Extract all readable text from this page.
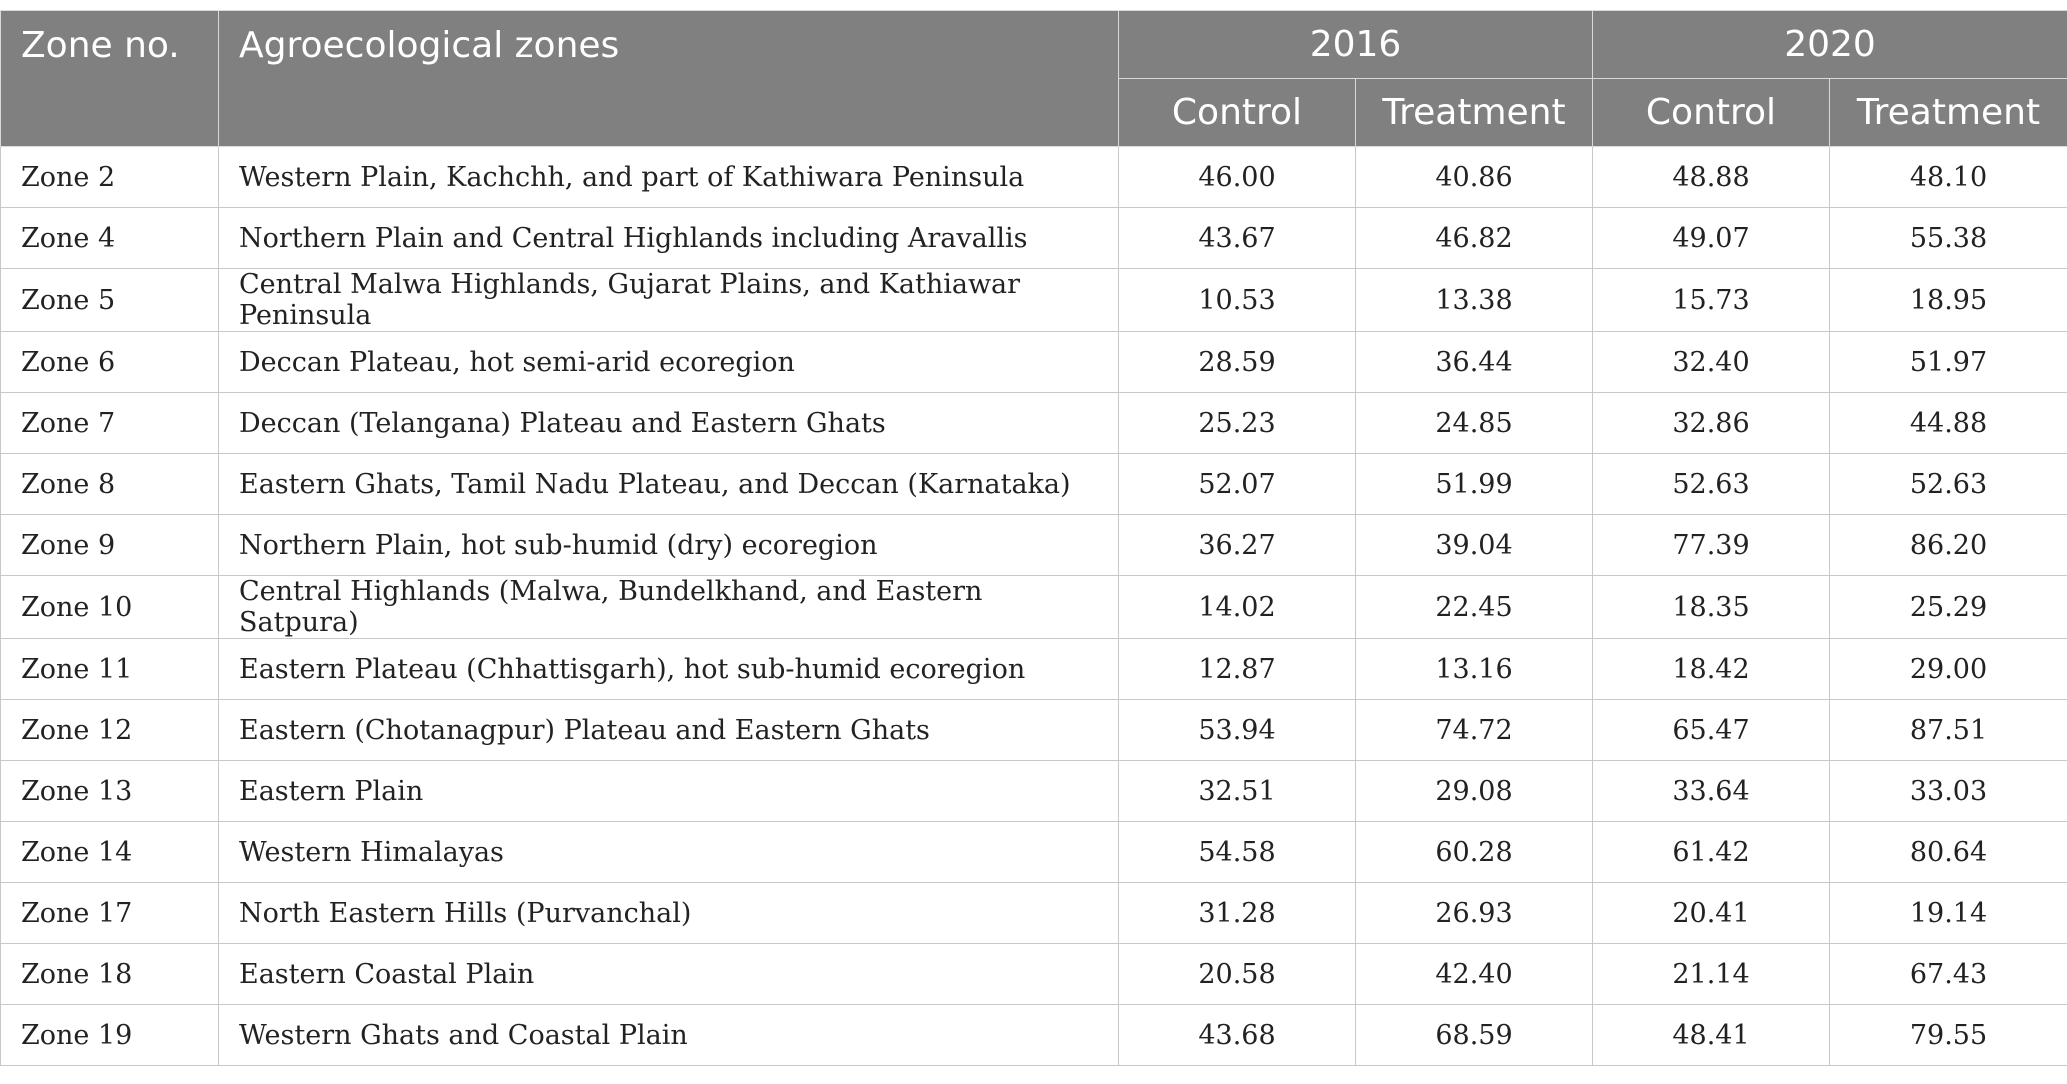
Zone no.	Agroecological zones	2016		2020	
		Control	Treatment	Control	Treatment
Zone 2	Western Plain, Kachchh, and part of Kathiwara Peninsula	46.00	40.86	48.88	48.10
Zone 4	Northern Plain and Central Highlands including Aravallis	43.67	46.82	49.07	55.38
Zone 5	Central Malwa Highlands, Gujarat Plains, and Kathiawar Peninsula	10.53	13.38	15.73	18.95
Zone 6	Deccan Plateau, hot semi-arid ecoregion	28.59	36.44	32.40	51.97
Zone 7	Deccan (Telangana) Plateau and Eastern Ghats	25.23	24.85	32.86	44.88
Zone 8	Eastern Ghats, Tamil Nadu Plateau, and Deccan (Karnataka)	52.07	51.99	52.63	52.63
Zone 9	Northern Plain, hot sub-humid (dry) ecoregion	36.27	39.04	77.39	86.20
Zone 10	Central Highlands (Malwa, Bundelkhand, and Eastern Satpura)	14.02	22.45	18.35	25.29
Zone 11	Eastern Plateau (Chhattisgarh), hot sub-humid ecoregion	12.87	13.16	18.42	29.00
Zone 12	Eastern (Chotanagpur) Plateau and Eastern Ghats	53.94	74.72	65.47	87.51
Zone 13	Eastern Plain	32.51	29.08	33.64	33.03
Zone 14	Western Himalayas	54.58	60.28	61.42	80.64
Zone 17	North Eastern Hills (Purvanchal)	31.28	26.93	20.41	19.14
Zone 18	Eastern Coastal Plain	20.58	42.40	21.14	67.43
Zone 19	Western Ghats and Coastal Plain	43.68	68.59	48.41	79.55
